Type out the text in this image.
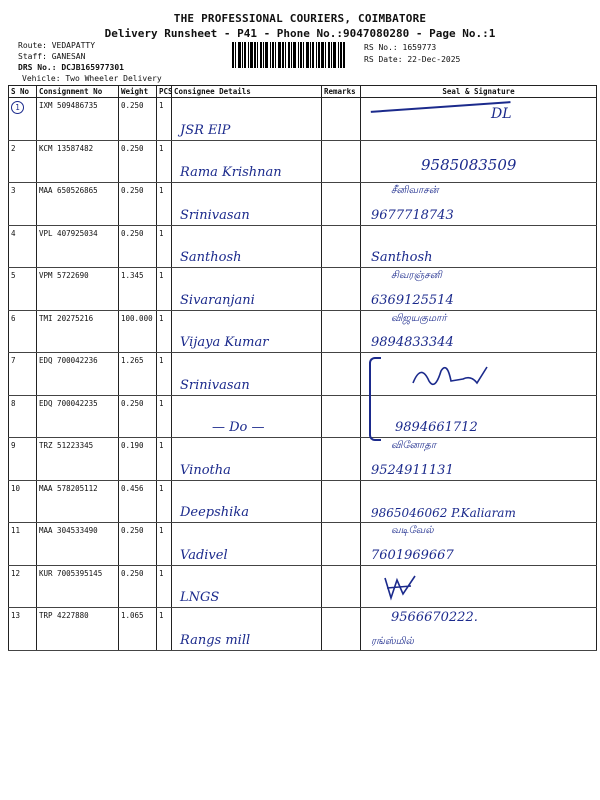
THE PROFESSIONAL COURIERS, COIMBATORE
Delivery Runsheet - P41 - Phone No.:9047080280 - Page No.:1
Route: VEDAPATTY
Staff: GANESAN
DRS No.: DCJB165977301
Vehicle: Two Wheeler Delivery
RS No.: 1659773
RS Date: 22-Dec-2025
S No	Consignment No	Weight	PCS	Consignee Details	Remarks	Seal & Signature
1	IXM 509486735	0.250	1	JSR ElP		DL

2	KCM 13587482	0.250	1	Rama Krishnan		9585083509

3	MAA 650526865	0.250	1	Srinivasan		சீனிவாசன்
9677718743

4	VPL 407925034	0.250	1	Santhosh		Santhosh

5	VPM 5722690	1.345	1	Sivaranjani		சிவரஞ்சனி
6369125514

6	TMI 20275216	100.000	1	Vijaya Kumar		விஜயகுமார்
9894833344

7	EDQ 700042236	1.265	1	Srinivasan

8	EDQ 700042235	0.250	1	— Do —		9894661712

9	TRZ 51223345	0.190	1	Vinotha		வினோதா
9524911131

10	MAA 578205112	0.456	1	Deepshika		9865046062 P.Kaliaram

11	MAA 304533490	0.250	1	Vadivel		வடிவேல்
7601969667

12	KUR 7005395145	0.250	1	LNGS

13	TRP 4227880	1.065	1	Rangs mill		9566670222.
ரங்ஸ்மில்
